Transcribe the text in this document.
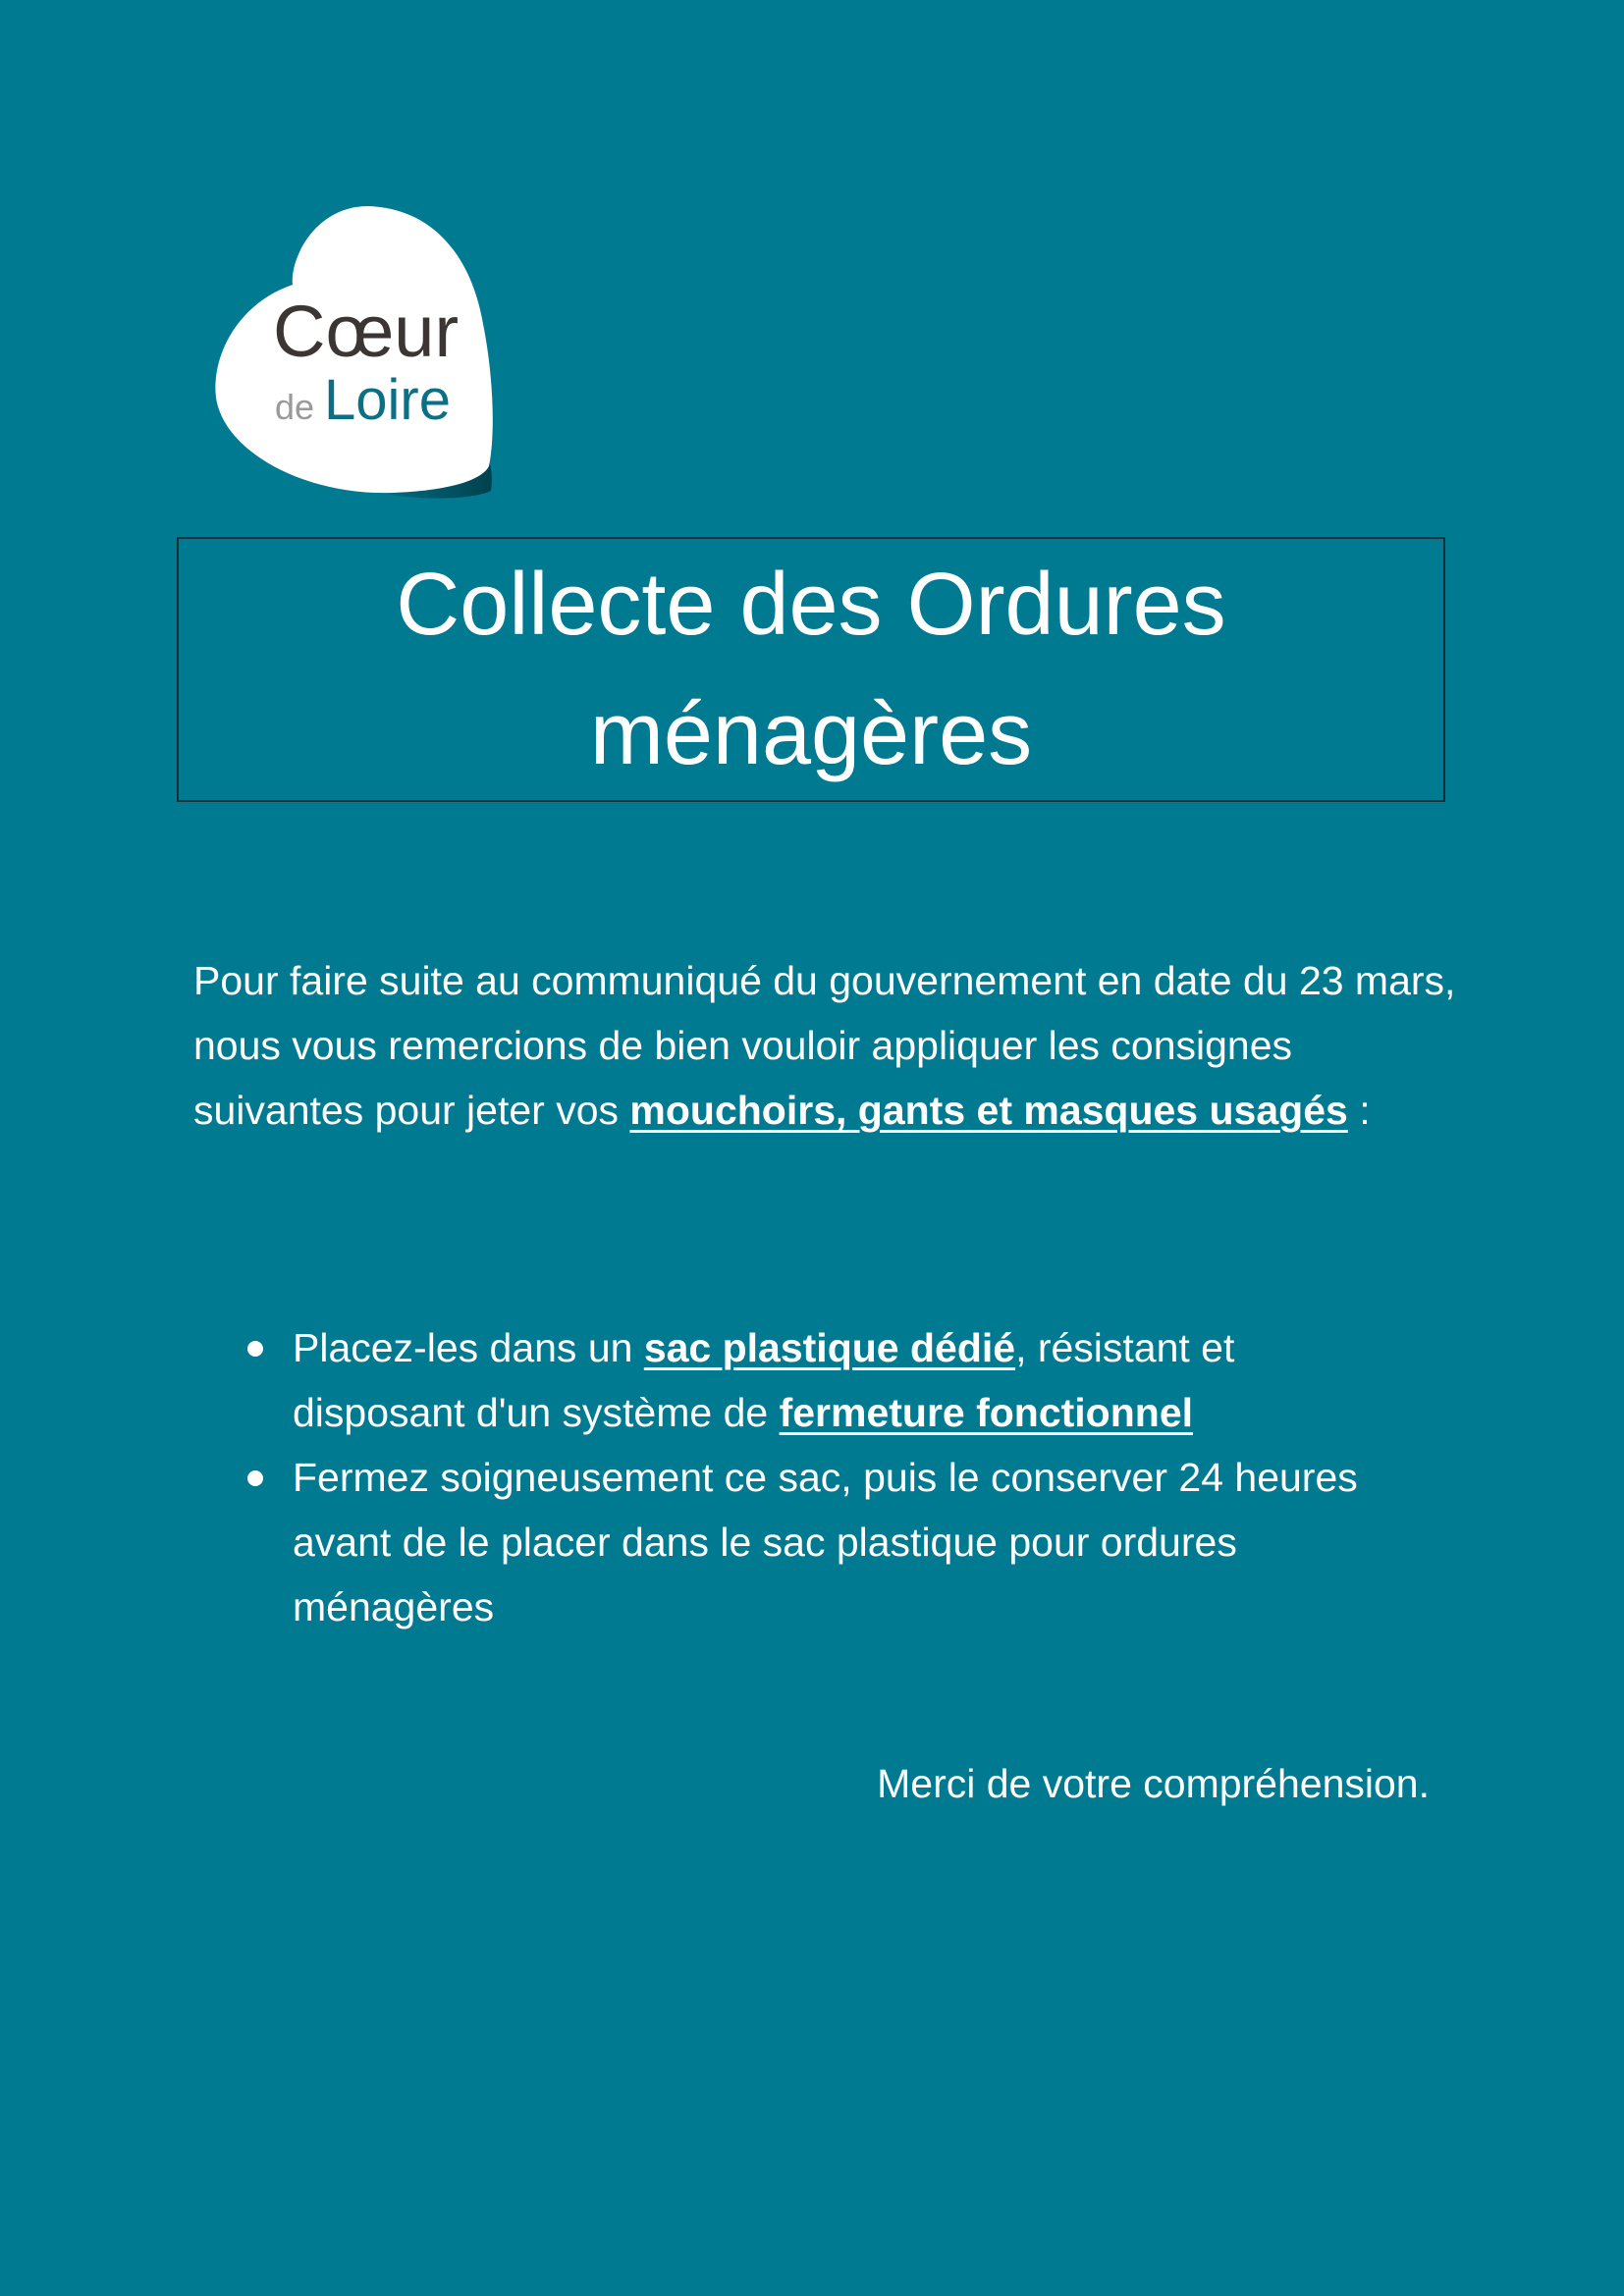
Cœur
de Loire
Collecte des Ordures
ménagères

Pour faire suite au communiqué du gouvernement en date du 23 mars, nous vous remercions de bien vouloir appliquer les consignes suivantes pour jeter vos mouchoirs, gants et masques usagés :

Placez-les dans un sac plastique dédié, résistant et disposant d'un système de fermeture fonctionnel
Fermez soigneusement ce sac, puis le conserver 24 heures avant de le placer dans le sac plastique pour ordures ménagères
Merci de votre compréhension.
